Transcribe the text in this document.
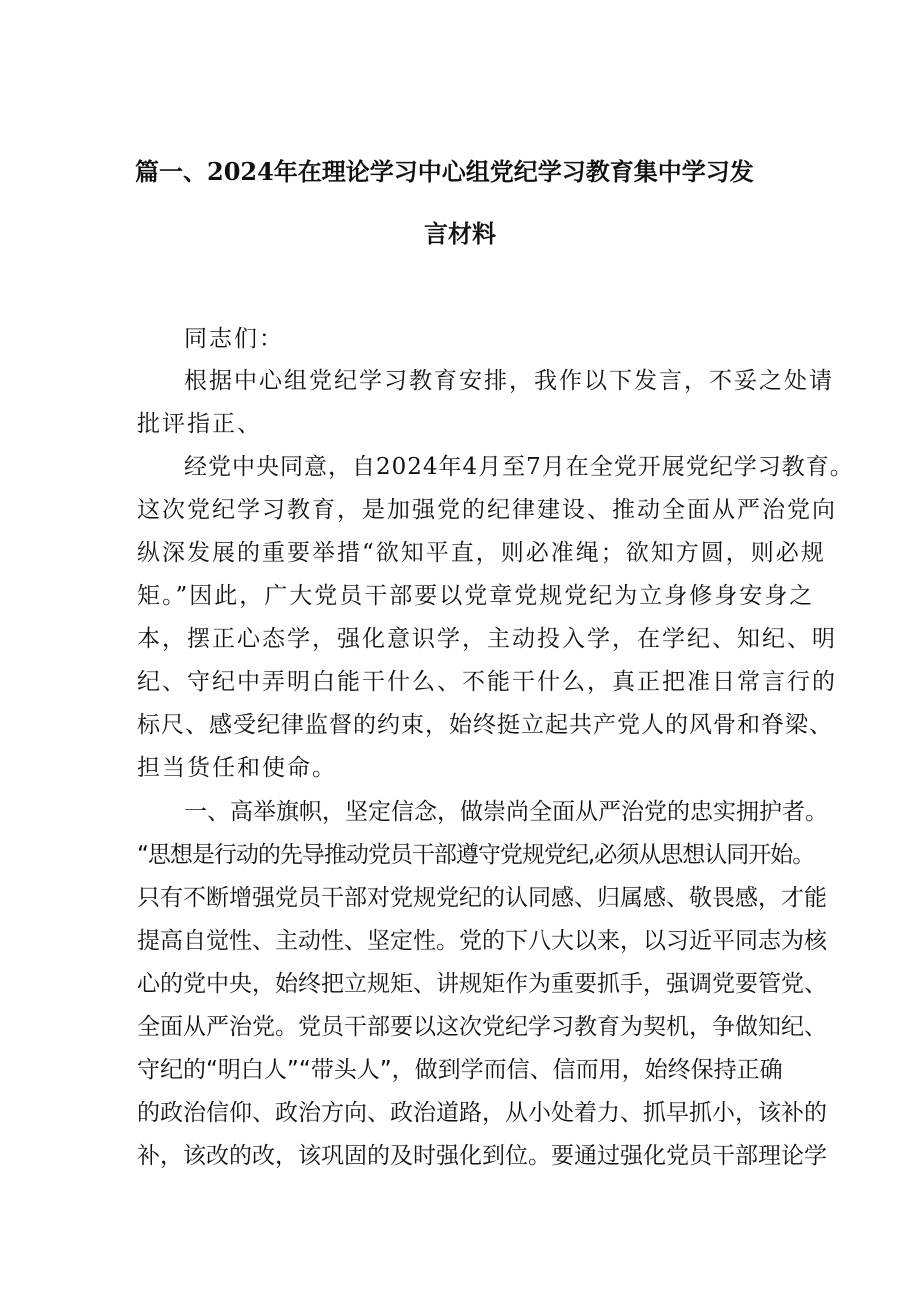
篇一、2024年在理论学习中心组党纪学习教育集中学习发
言材料
同志们：
根据中心组党纪学习教育安排，我作以下发言，不妥之处请
批评指正、
经党中央同意，自2024年4月至7月在全党开展党纪学习教育。
这次党纪学习教育，是加强党的纪律建设、推动全面从严治党向
纵深发展的重要举措“欲知平直，则必准绳；欲知方圆，则必规
矩。”因此，广大党员干部要以党章党规党纪为立身修身安身之
本，摆正心态学，强化意识学，主动投入学，在学纪、知纪、明
纪、守纪中弄明白能干什么、不能干什么，真正把准日常言行的
标尺、感受纪律监督的约束，始终挺立起共产党人的风骨和脊梁、
担当货任和使命。
一、高举旗帜，坚定信念，做崇尚全面从严治党的忠实拥护者。
“思想是行动的先导推动党员干部遵守党规党纪,必须从思想认同开始。
只有不断增强党员干部对党规党纪的认同感、归属感、敬畏感，才能
提高自觉性、主动性、坚定性。党的下八大以来，以习近平同志为核
心的党中央，始终把立规矩、讲规矩作为重要抓手，强调党要管党、
全面从严治党。党员干部要以这次党纪学习教育为契机，争做知纪、
守纪的“明白人”“带头人”，做到学而信、信而用，始终保持正确
的政治信仰、政治方向、政治道路，从小处着力、抓早抓小，该补的
补，该改的改，该巩固的及时强化到位。要通过强化党员干部理论学
